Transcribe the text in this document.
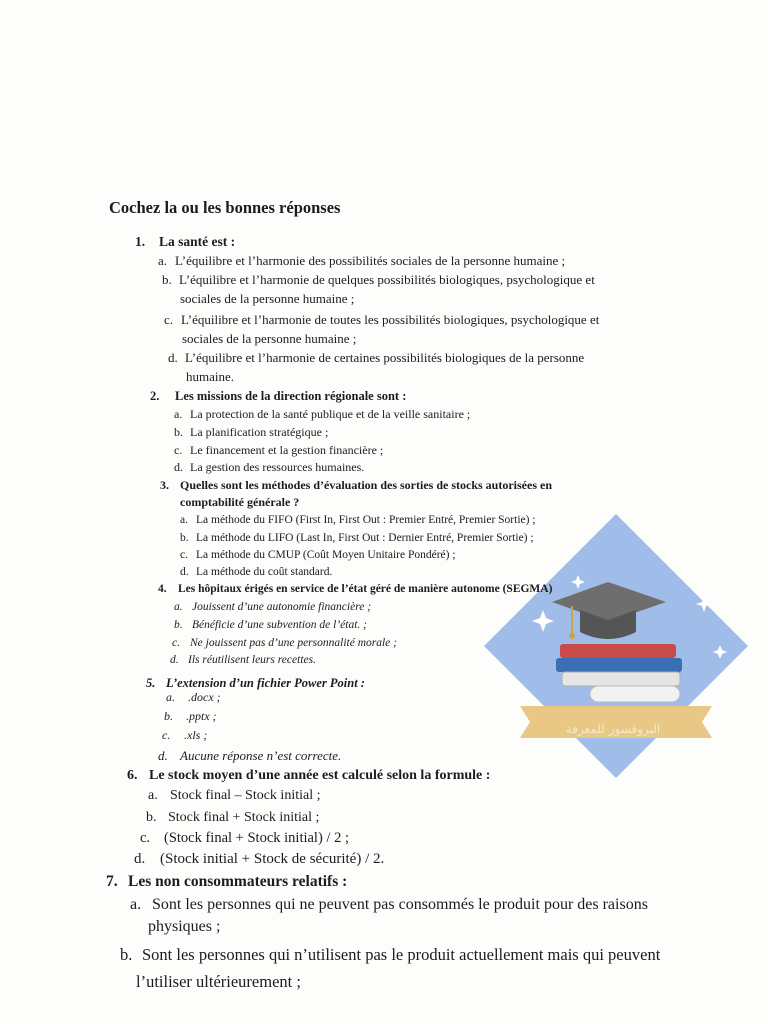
البروفسور للمعرفة
Cochez la ou les bonnes réponses
1. La santé est :
a. L’équilibre et l’harmonie des possibilités sociales de la personne humaine ;
b. L’équilibre et l’harmonie de quelques possibilités biologiques, psychologique et
sociales de la personne humaine ;
c. L’équilibre et l’harmonie de toutes les possibilités biologiques, psychologique et
sociales de la personne humaine ;
d. L’équilibre et l’harmonie de certaines possibilités biologiques de la personne
humaine.
2. Les missions de la direction régionale sont :
a. La protection de la santé publique et de la veille sanitaire ;
b. La planification stratégique ;
c. Le financement et la gestion financière ;
d. La gestion des ressources humaines.
3. Quelles sont les méthodes d’évaluation des sorties de stocks autorisées en
comptabilité générale ?
a. La méthode du FIFO (First In, First Out : Premier Entré, Premier Sortie) ;
b. La méthode du LIFO (Last In, First Out : Dernier Entré, Premier Sortie) ;
c. La méthode du CMUP (Coût Moyen Unitaire Pondéré) ;
d. La méthode du coût standard.
4. Les hôpitaux érigés en service de l’état géré de manière autonome (SEGMA)
a. Jouissent d’une autonomie financière ;
b. Bénéficie d’une subvention de l’état. ;
c. Ne jouissent pas d’une personnalité morale ;
d. Ils réutilisent leurs recettes.
5. L’extension d’un fichier Power Point :
a. .docx ;
b. .pptx ;
c. .xls ;
d. Aucune réponse n’est correcte.
6. Le stock moyen d’une année est calculé selon la formule :
a. Stock final – Stock initial ;
b. Stock final + Stock initial ;
c. (Stock final + Stock initial) / 2 ;
d. (Stock initial + Stock de sécurité) / 2.
7. Les non consommateurs relatifs :
a. Sont les personnes qui ne peuvent pas consommés le produit pour des raisons
physiques ;
b. Sont les personnes qui n’utilisent pas le produit actuellement mais qui peuvent
l’utiliser ultérieurement ;
